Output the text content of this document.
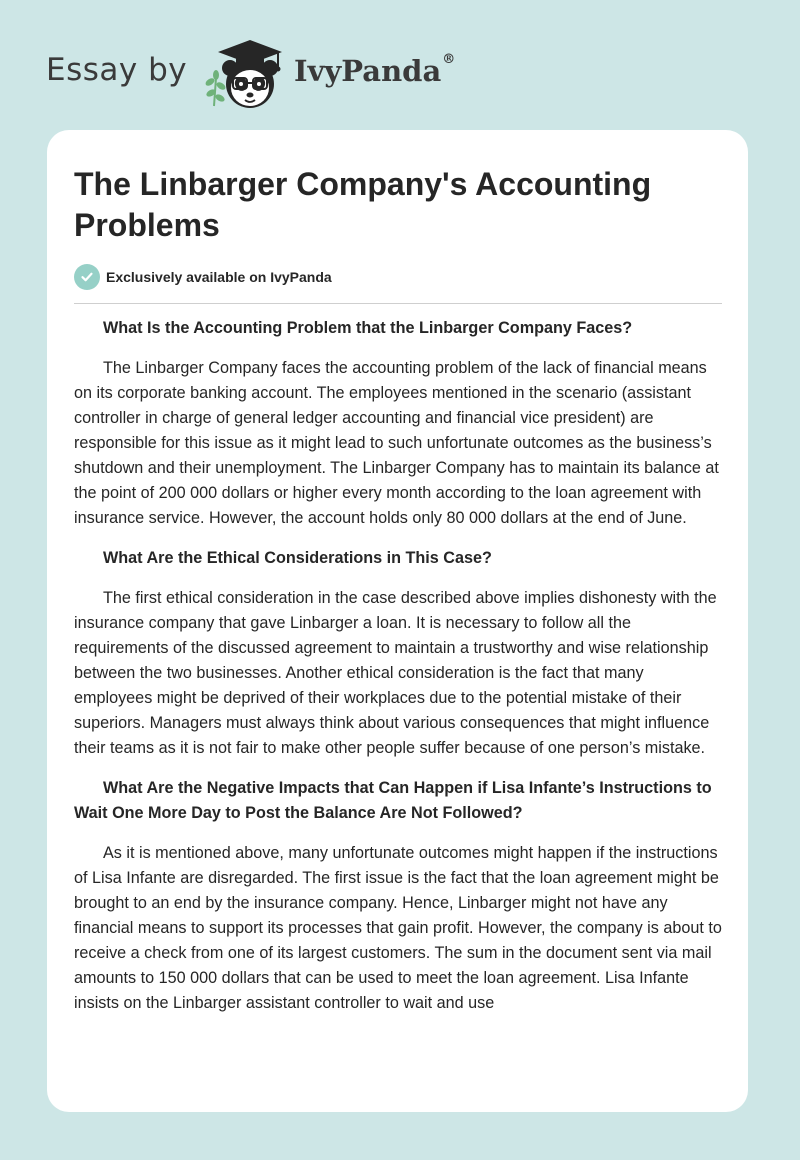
Essay by	IvyPanda®
The Linbarger Company's Accounting Problems
Exclusively available on IvyPanda
What Is the Accounting Problem that the Linbarger Company Faces?

The Linbarger Company faces the accounting problem of the lack of financial means on its corporate banking account. The employees mentioned in the scenario (assistant controller in charge of general ledger accounting and financial vice president) are responsible for this issue as it might lead to such unfortunate outcomes as the business’s shutdown and their unemployment. The Linbarger Company has to maintain its balance at the point of 200 000 dollars or higher every month according to the loan agreement with insurance service. However, the account holds only 80 000 dollars at the end of June.

What Are the Ethical Considerations in This Case?

The first ethical consideration in the case described above implies dishonesty with the insurance company that gave Linbarger a loan. It is necessary to follow all the requirements of the discussed agreement to maintain a trustworthy and wise relationship between the two businesses. Another ethical consideration is the fact that many employees might be deprived of their workplaces due to the potential mistake of their superiors. Managers must always think about various consequences that might influence their teams as it is not fair to make other people suffer because of one person’s mistake.

What Are the Negative Impacts that Can Happen if Lisa Infante’s Instructions to Wait One More Day to Post the Balance Are Not Followed?

As it is mentioned above, many unfortunate outcomes might happen if the instructions of Lisa Infante are disregarded. The first issue is the fact that the loan agreement might be brought to an end by the insurance company. Hence, Linbarger might not have any financial means to support its processes that gain profit. However, the company is about to receive a check from one of its largest customers. The sum in the document sent via mail amounts to 150 000 dollars that can be used to meet the loan agreement. Lisa Infante insists on the Linbarger assistant controller to wait and use
